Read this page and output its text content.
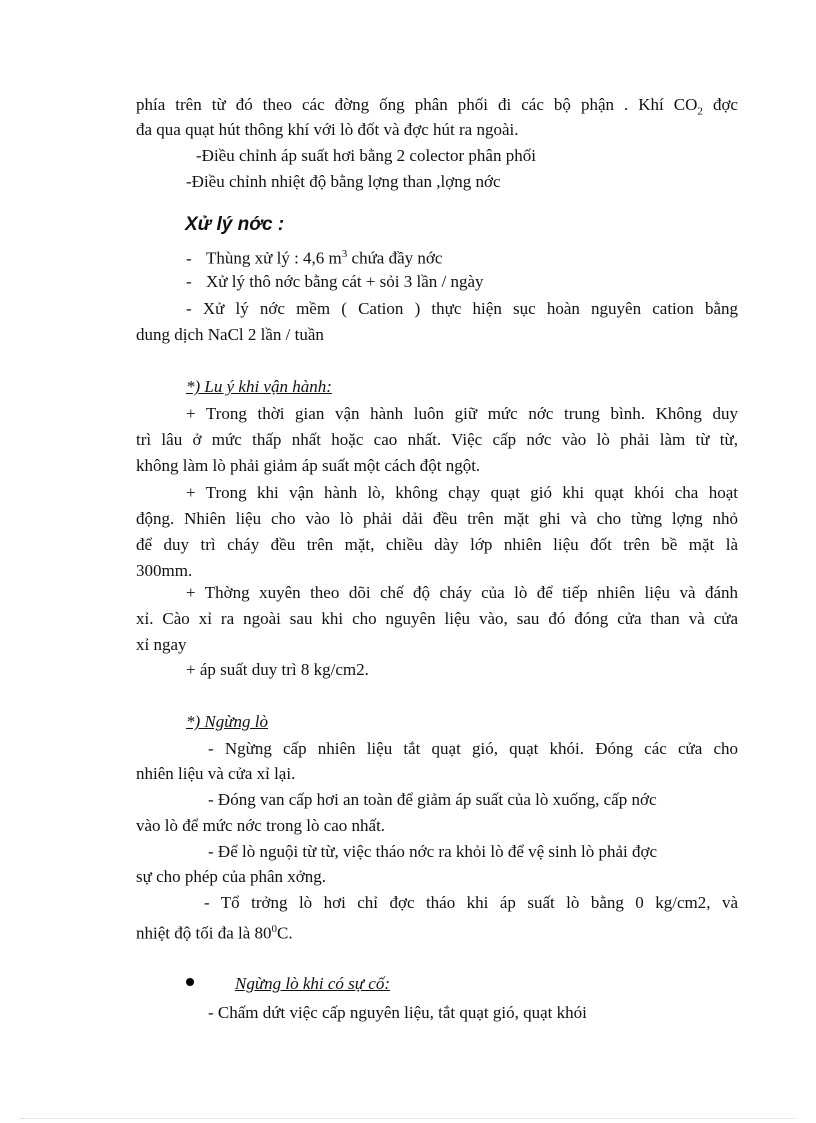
phía trên từ đó theo các đờng ống phân phối đi các bộ phận . Khí $CO_2$ đợc
đa qua quạt hút thông khí với lò đốt và đợc hút ra ngoài.
-Điều chỉnh áp suất hơi bằng 2 colector phân phối
-Điều chỉnh nhiệt độ bằng lợng than ,lợng nớc
Xử lý nớc :
- Thùng xử lý : 4,6 $m^3$ chứa đầy nớc
- Xử lý thô nớc bằng cát + sỏi 3 lần / ngày
- Xử lý nớc mềm ( Cation ) thực hiện sục hoàn nguyên cation bằng
dung dịch NaCl 2 lần / tuần
*) Lu ý khi vận hành:
+ Trong thời gian vận hành luôn giữ mức nớc trung bình. Không duy
trì lâu ở mức thấp nhất hoặc cao nhất. Việc cấp nớc vào lò phải làm từ từ,
không làm lò phải giảm áp suất một cách đột ngột.
+ Trong khi vận hành lò, không chạy quạt gió khi quạt khói cha hoạt
động. Nhiên liệu cho vào lò phải dải đều trên mặt ghi và cho từng lợng nhỏ
để duy trì cháy đều trên mặt, chiều dày lớp nhiên liệu đốt trên bề mặt là
300mm.
+ Thờng xuyên theo dõi chế độ cháy của lò để tiếp nhiên liệu và đánh
xỉ. Cào xỉ ra ngoài sau khi cho nguyên liệu vào, sau đó đóng cửa than và cửa
xỉ ngay
+ áp suất duy trì 8 kg/cm2.
*) Ngừng lò
- Ngừng cấp nhiên liệu tắt quạt gió, quạt khói. Đóng các cửa cho
nhiên liệu và cửa xỉ lại.
- Đóng van cấp hơi an toàn để giảm áp suất của lò xuống, cấp nớc
vào lò để mức nớc trong lò cao nhất.
- Để lò nguội từ từ, việc tháo nớc ra khỏi lò để vệ sinh lò phải đợc
sự cho phép của phân xởng.
- Tổ trởng lò hơi chỉ đợc tháo khi áp suất lò bằng 0 kg/cm2, và
nhiệt độ tối đa là $80^0C$.
Ngừng lò khi có sự cố:
- Chấm dứt việc cấp nguyên liệu, tắt quạt gió, quạt khói
